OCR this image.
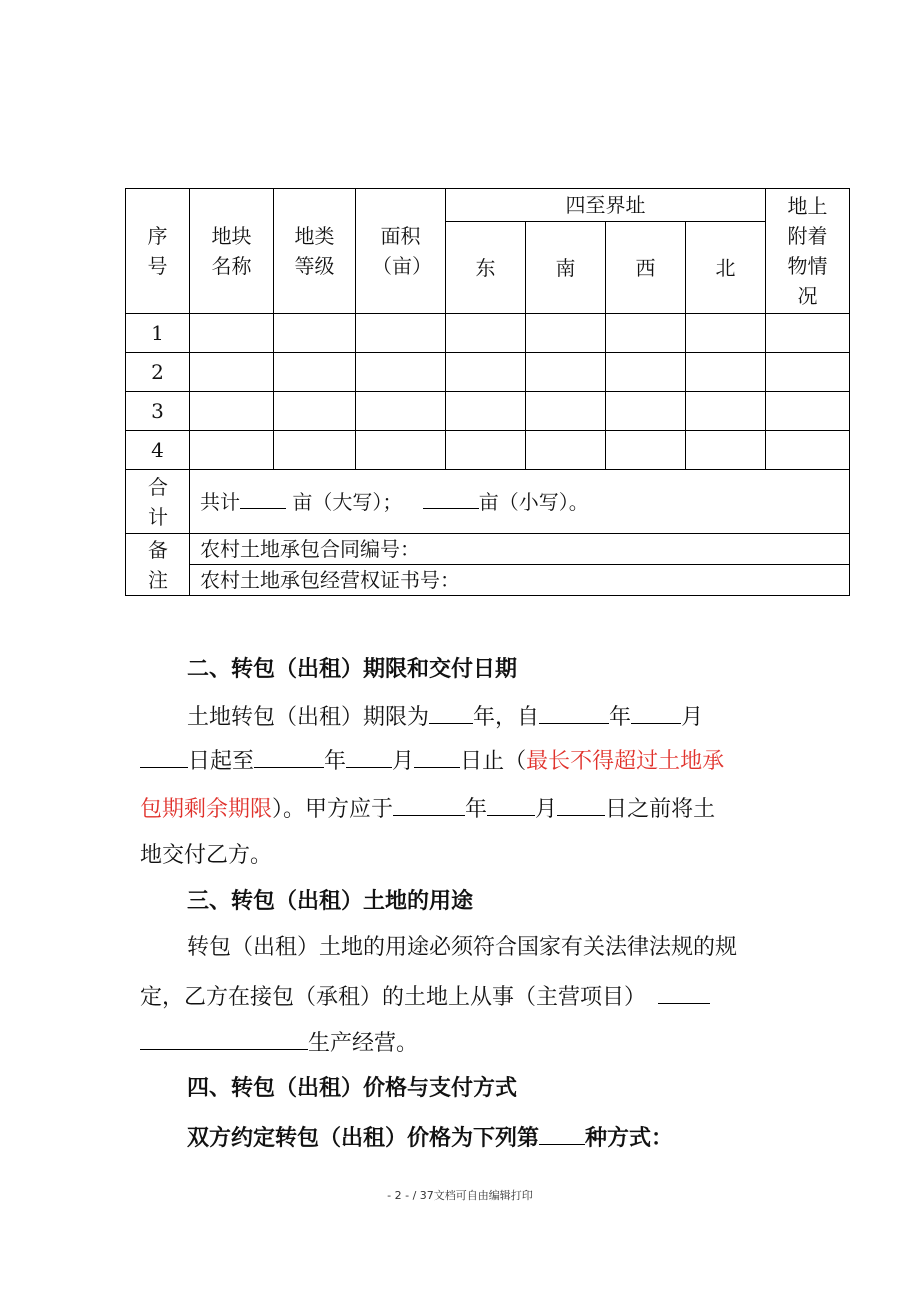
序号	地块名称	地类等级	面积（亩）	四至界址				地上附着物情况
				东	南	西	北	
1								
2								
3								
4								
合计	共计 亩（大写）； 亩（小写）。							
备注	农村土地承包合同编号：							
	农村土地承包经营权证书号：							
二、转包（出租）期限和交付日期
土地转包（出租）期限为 年，自	年 月
日起至	年 月 日止（最长不得超过土地承
包期剩余期限）。甲方应于	年 月 日之前将土
地交付乙方。
三、转包（出租）土地的用途
转包（出租）土地的用途必须符合国家有关法律法规的规
定，乙方在接包（承租）的土地上从事（主营项目）
生产经营。
四、转包（出租）价格与支付方式
双方约定转包（出租）价格为下列第 种方式：
- 2 - / 37文档可自由编辑打印
